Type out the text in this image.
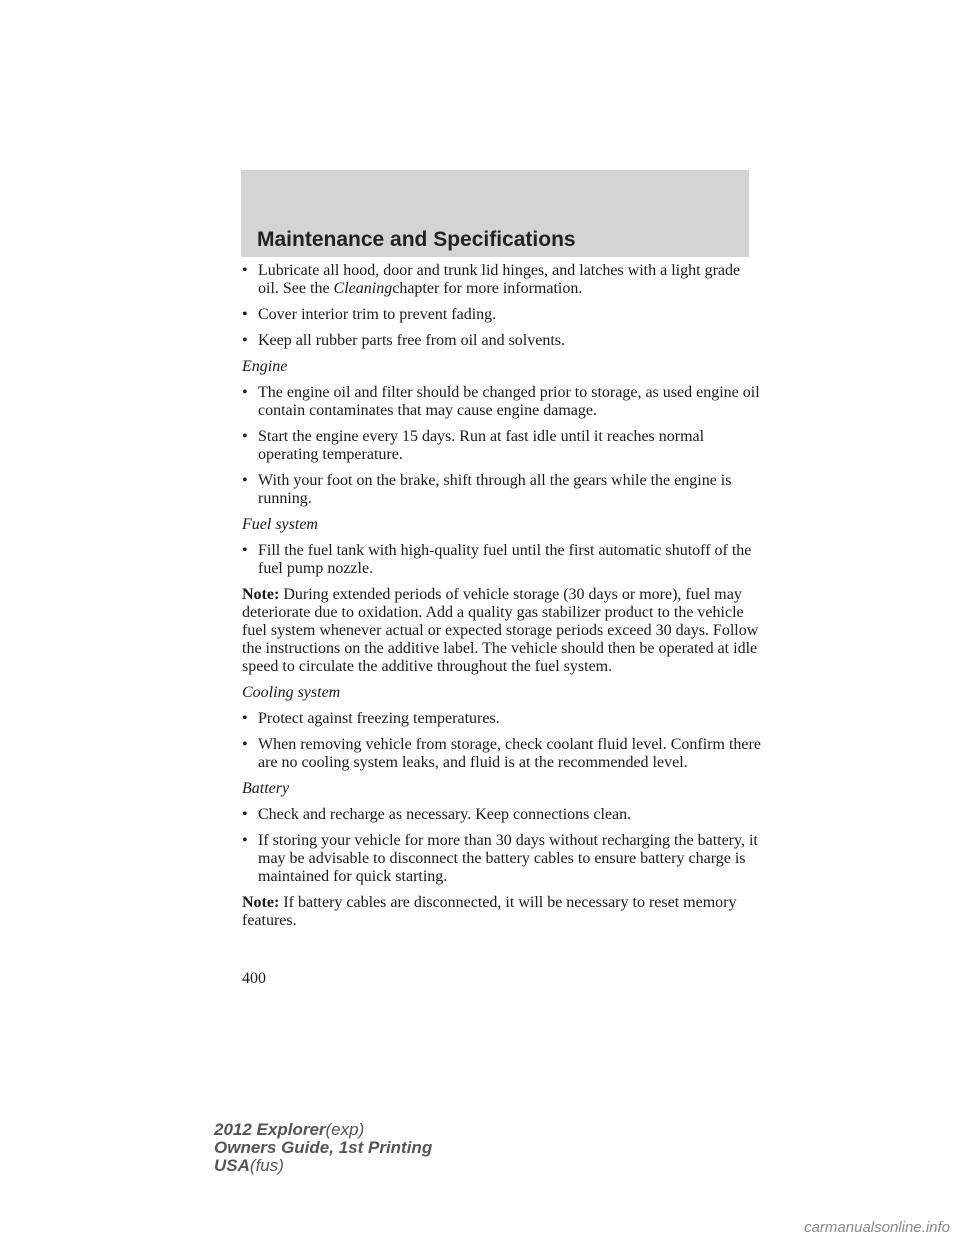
Maintenance and Specifications
• Lubricate all hood, door and trunk lid hinges, and latches with a light grade oil. See the Cleaningchapter for more information.
• Cover interior trim to prevent fading.
• Keep all rubber parts free from oil and solvents.
Engine
• The engine oil and filter should be changed prior to storage, as used engine oil contain contaminates that may cause engine damage.
• Start the engine every 15 days. Run at fast idle until it reaches normal operating temperature.
• With your foot on the brake, shift through all the gears while the engine is running.
Fuel system
• Fill the fuel tank with high-quality fuel until the first automatic shutoff of the fuel pump nozzle.
Note: During extended periods of vehicle storage (30 days or more), fuel may deteriorate due to oxidation. Add a quality gas stabilizer product to the vehicle fuel system whenever actual or expected storage periods exceed 30 days. Follow the instructions on the additive label. The vehicle should then be operated at idle speed to circulate the additive throughout the fuel system.
Cooling system
• Protect against freezing temperatures.
• When removing vehicle from storage, check coolant fluid level. Confirm there are no cooling system leaks, and fluid is at the recommended level.
Battery
• Check and recharge as necessary. Keep connections clean.
• If storing your vehicle for more than 30 days without recharging the battery, it may be advisable to disconnect the battery cables to ensure battery charge is maintained for quick starting.
Note: If battery cables are disconnected, it will be necessary to reset memory features.
400
2012 Explorer(exp)
Owners Guide, 1st Printing
USA(fus)
carmanualsonline.info
